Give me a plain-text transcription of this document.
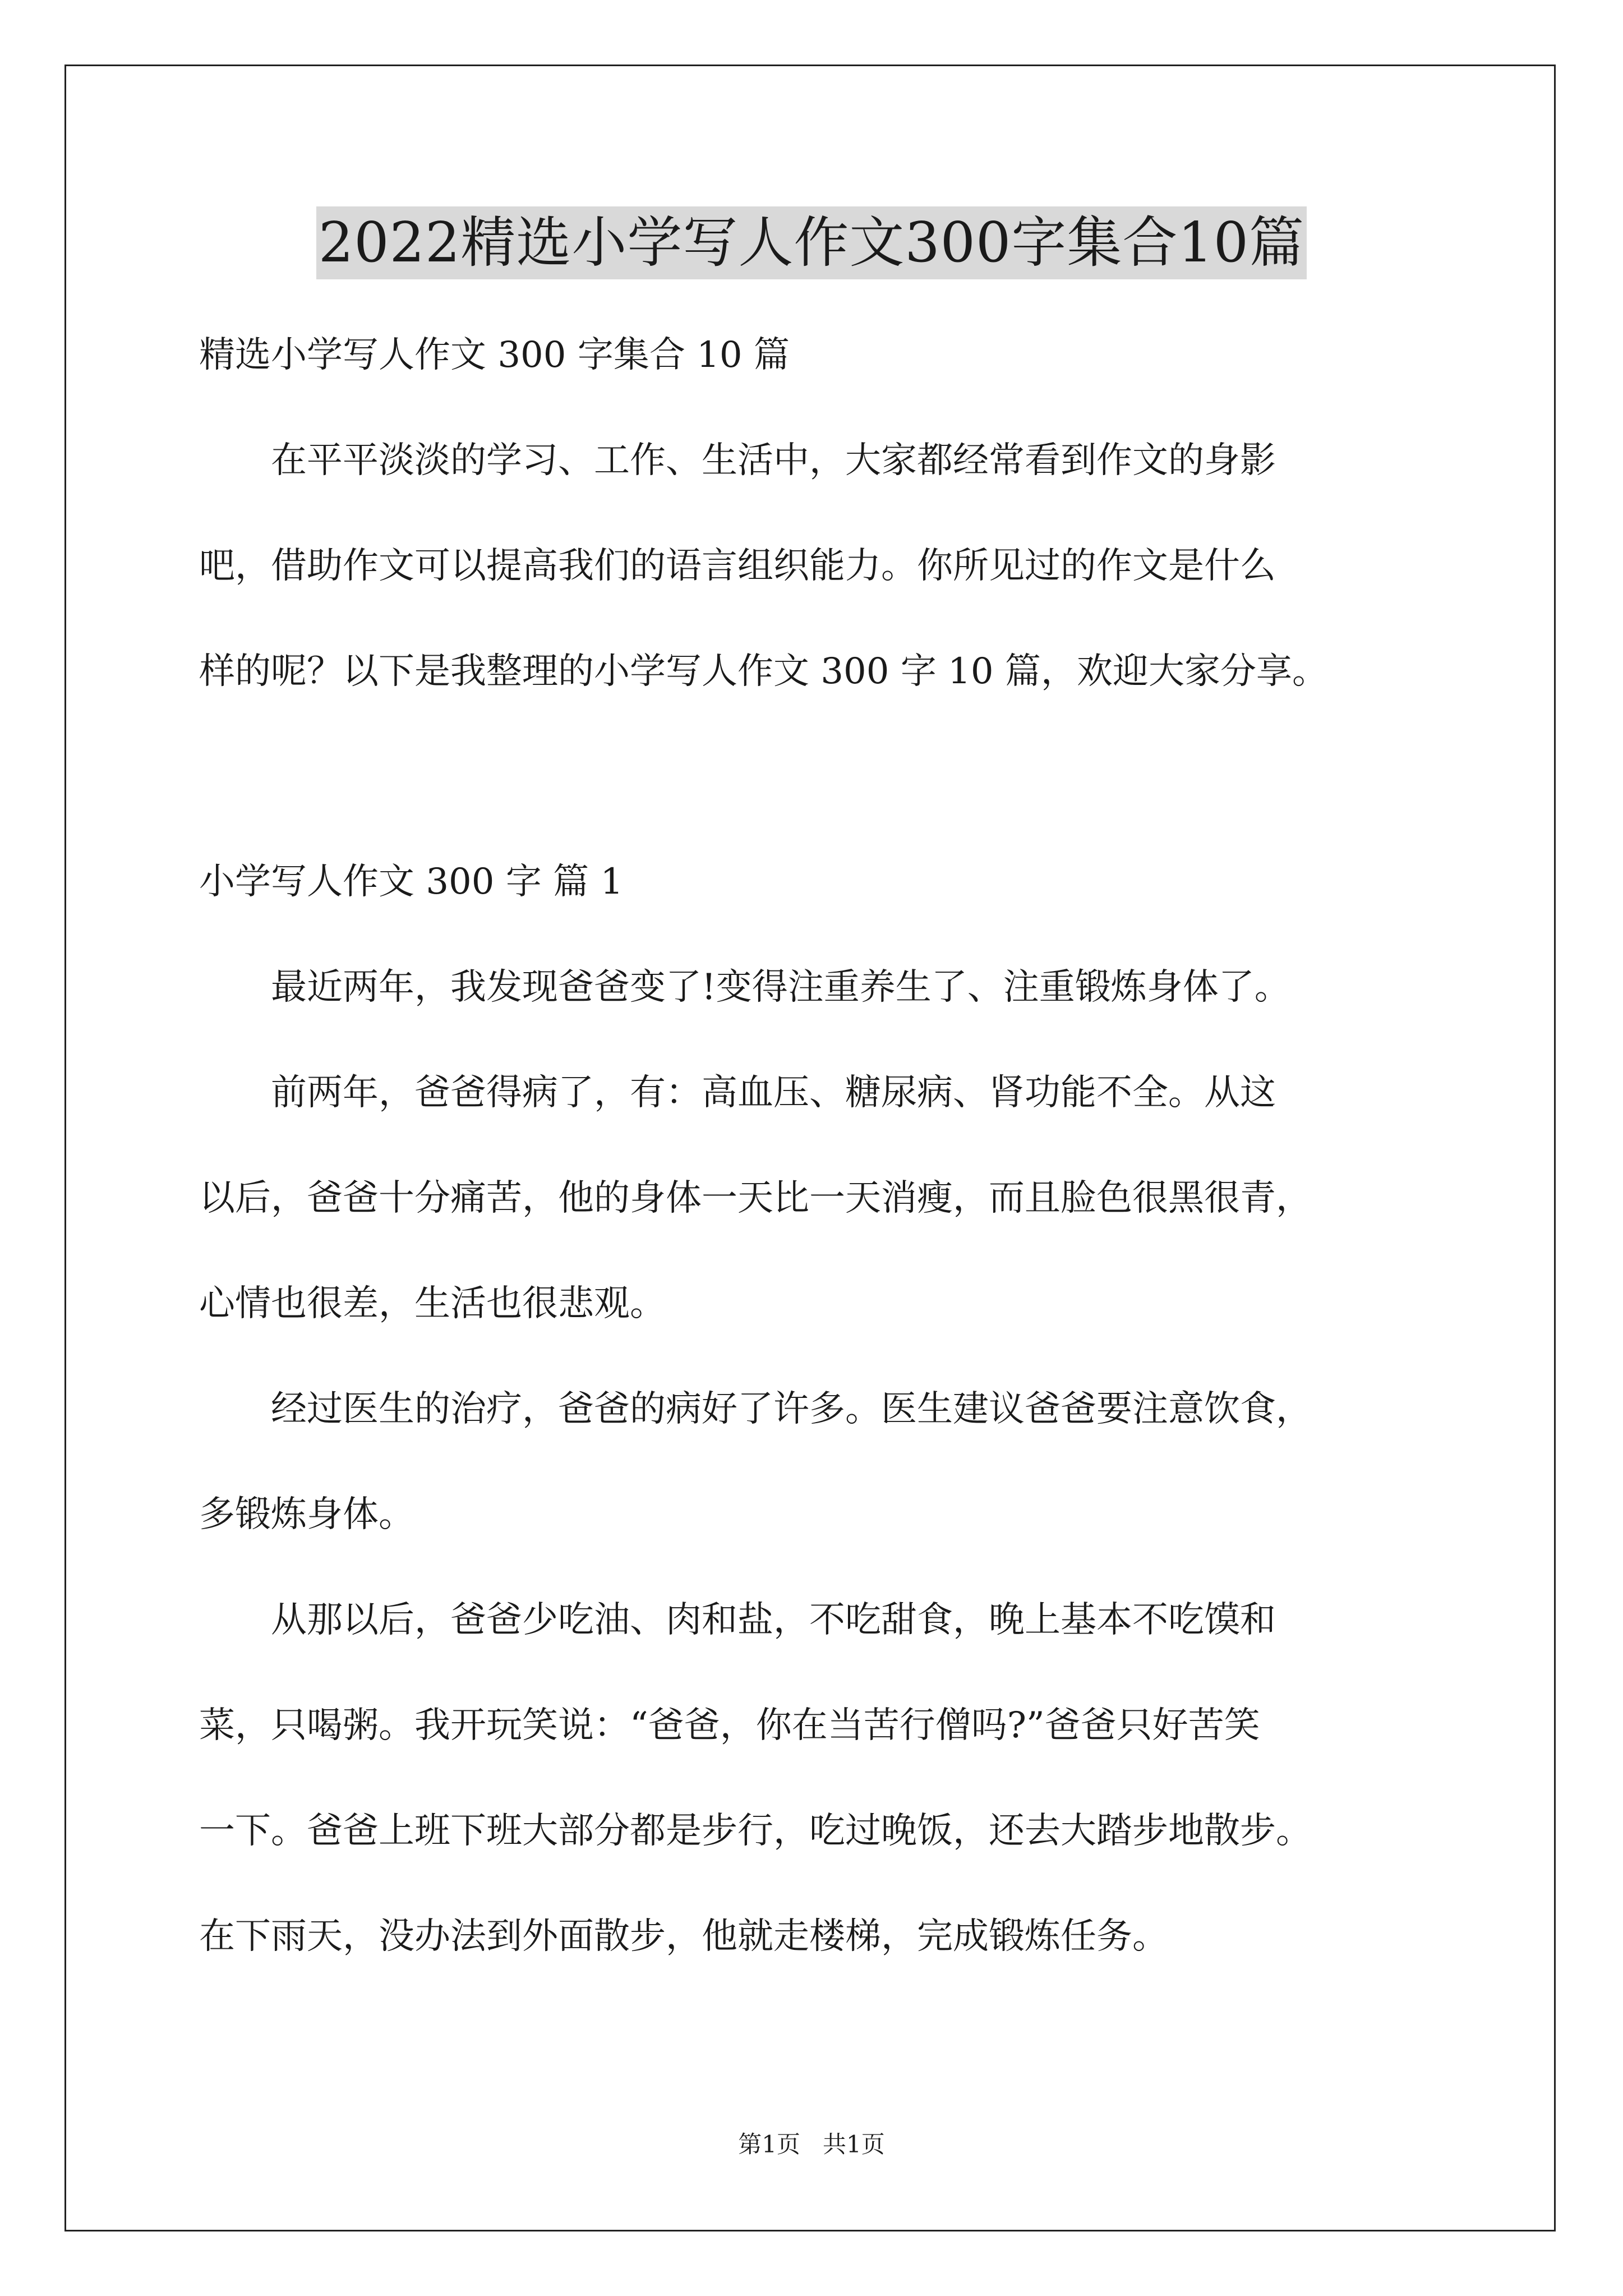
2022精选小学写人作文300字集合10篇

精选小学写人作文 300 字集合 10 篇

　　在平平淡淡的学习、工作、生活中，大家都经常看到作文的身影

吧，借助作文可以提高我们的语言组织能力。你所见过的作文是什么

样的呢？以下是我整理的小学写人作文 300 字 10 篇，欢迎大家分享。

小学写人作文 300 字 篇 1

　　最近两年，我发现爸爸变了!变得注重养生了、注重锻炼身体了。

　　前两年，爸爸得病了，有：高血压、糖尿病、肾功能不全。从这

以后，爸爸十分痛苦，他的身体一天比一天消瘦，而且脸色很黑很青，

心情也很差，生活也很悲观。

　　经过医生的治疗，爸爸的病好了许多。医生建议爸爸要注意饮食，

多锻炼身体。

　　从那以后，爸爸少吃油、肉和盐，不吃甜食，晚上基本不吃馍和

菜，只喝粥。我开玩笑说：“爸爸，你在当苦行僧吗?”爸爸只好苦笑

一下。爸爸上班下班大部分都是步行，吃过晚饭，还去大踏步地散步。

在下雨天，没办法到外面散步，他就走楼梯，完成锻炼任务。

第1页   共1页
